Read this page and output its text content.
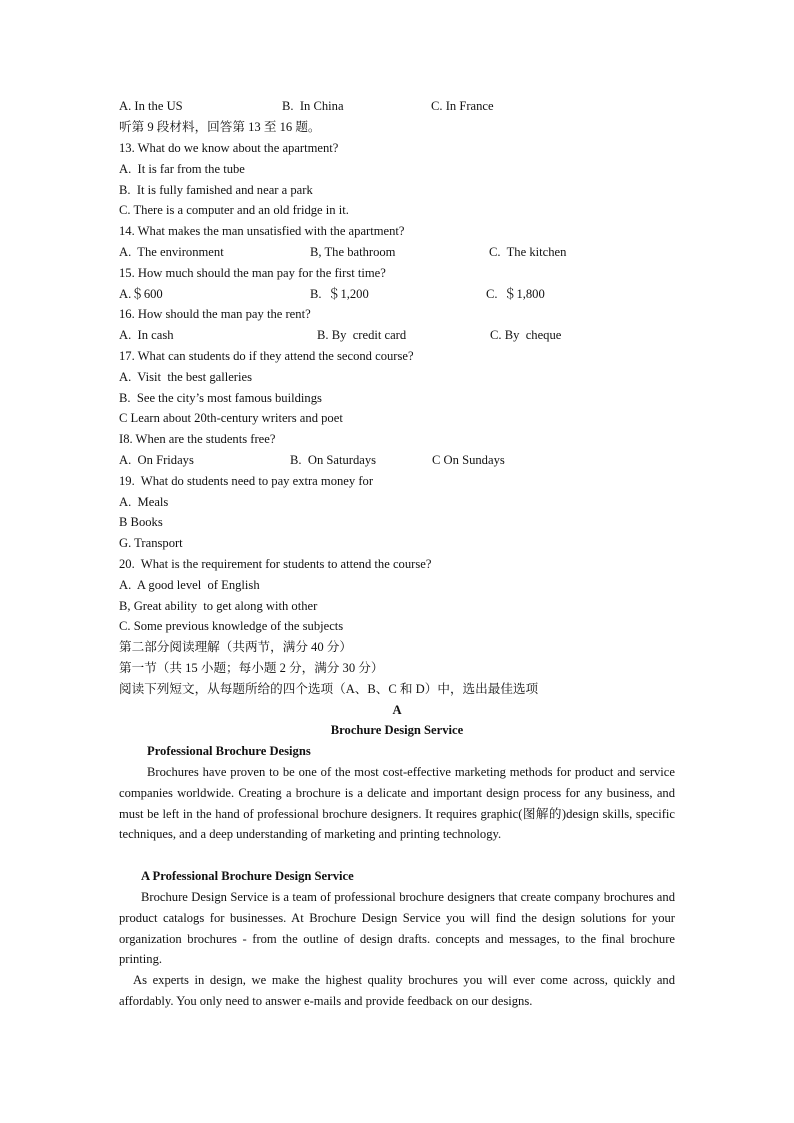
A. In the US	B.  In China	C. In France
听第 9 段材料，回答第 13 至 16 题。
13. What do we know about the apartment?
A.  It is far from the tube
B.  It is fully famished and near a park
C. There is a computer and an old fridge in it.
14. What makes the man unsatisfied with the apartment?
A.  The environment	B, The bathroom	C.  The kitchen
15. How much should the man pay for the first time?
A.＄600	B.  ＄1,200	C.  ＄1,800
16. How should the man pay the rent?
A.  In cash	B. By  credit card	C. By  cheque
17. What can students do if they attend the second course?
A.  Visit  the best galleries
B.  See the city’s most famous buildings
C Learn about 20th-century writers and poet
I8. When are the students free?
A.  On Fridays	B.  On Saturdays	C On Sundays
19.  What do students need to pay extra money for
A.  Meals
B Books
G. Transport
20.  What is the requirement for students to attend the course?
A.  A good level  of English
B, Great ability  to get along with other
C. Some previous knowledge of the subjects
第二部分阅读理解（共两节，满分 40 分）
第一节（共 15 小题；每小题 2 分，满分 30 分）
阅读下列短文，从每题所给的四个选项（A、B、C 和 D）中，选出最佳选项
A
Brochure Design Service
Professional Brochure Designs
Brochures have proven to be one of the most cost-effective marketing methods for product and service companies worldwide. Creating a brochure is a delicate and important design process for any business, and must be left in the hand of professional brochure designers. It requires graphic(图解的)design skills, specific techniques, and a deep understanding of marketing and printing technology.
A Professional Brochure Design Service
Brochure Design Service is a team of professional brochure designers that create company brochures and product catalogs for businesses. At Brochure Design Service you will find the design solutions for your organization brochures - from the outline of design drafts. concepts and messages, to the final brochure printing.
As experts in design, we make the highest quality brochures you will ever come across, quickly and affordably. You only need to answer e-mails and provide feedback on our designs.
